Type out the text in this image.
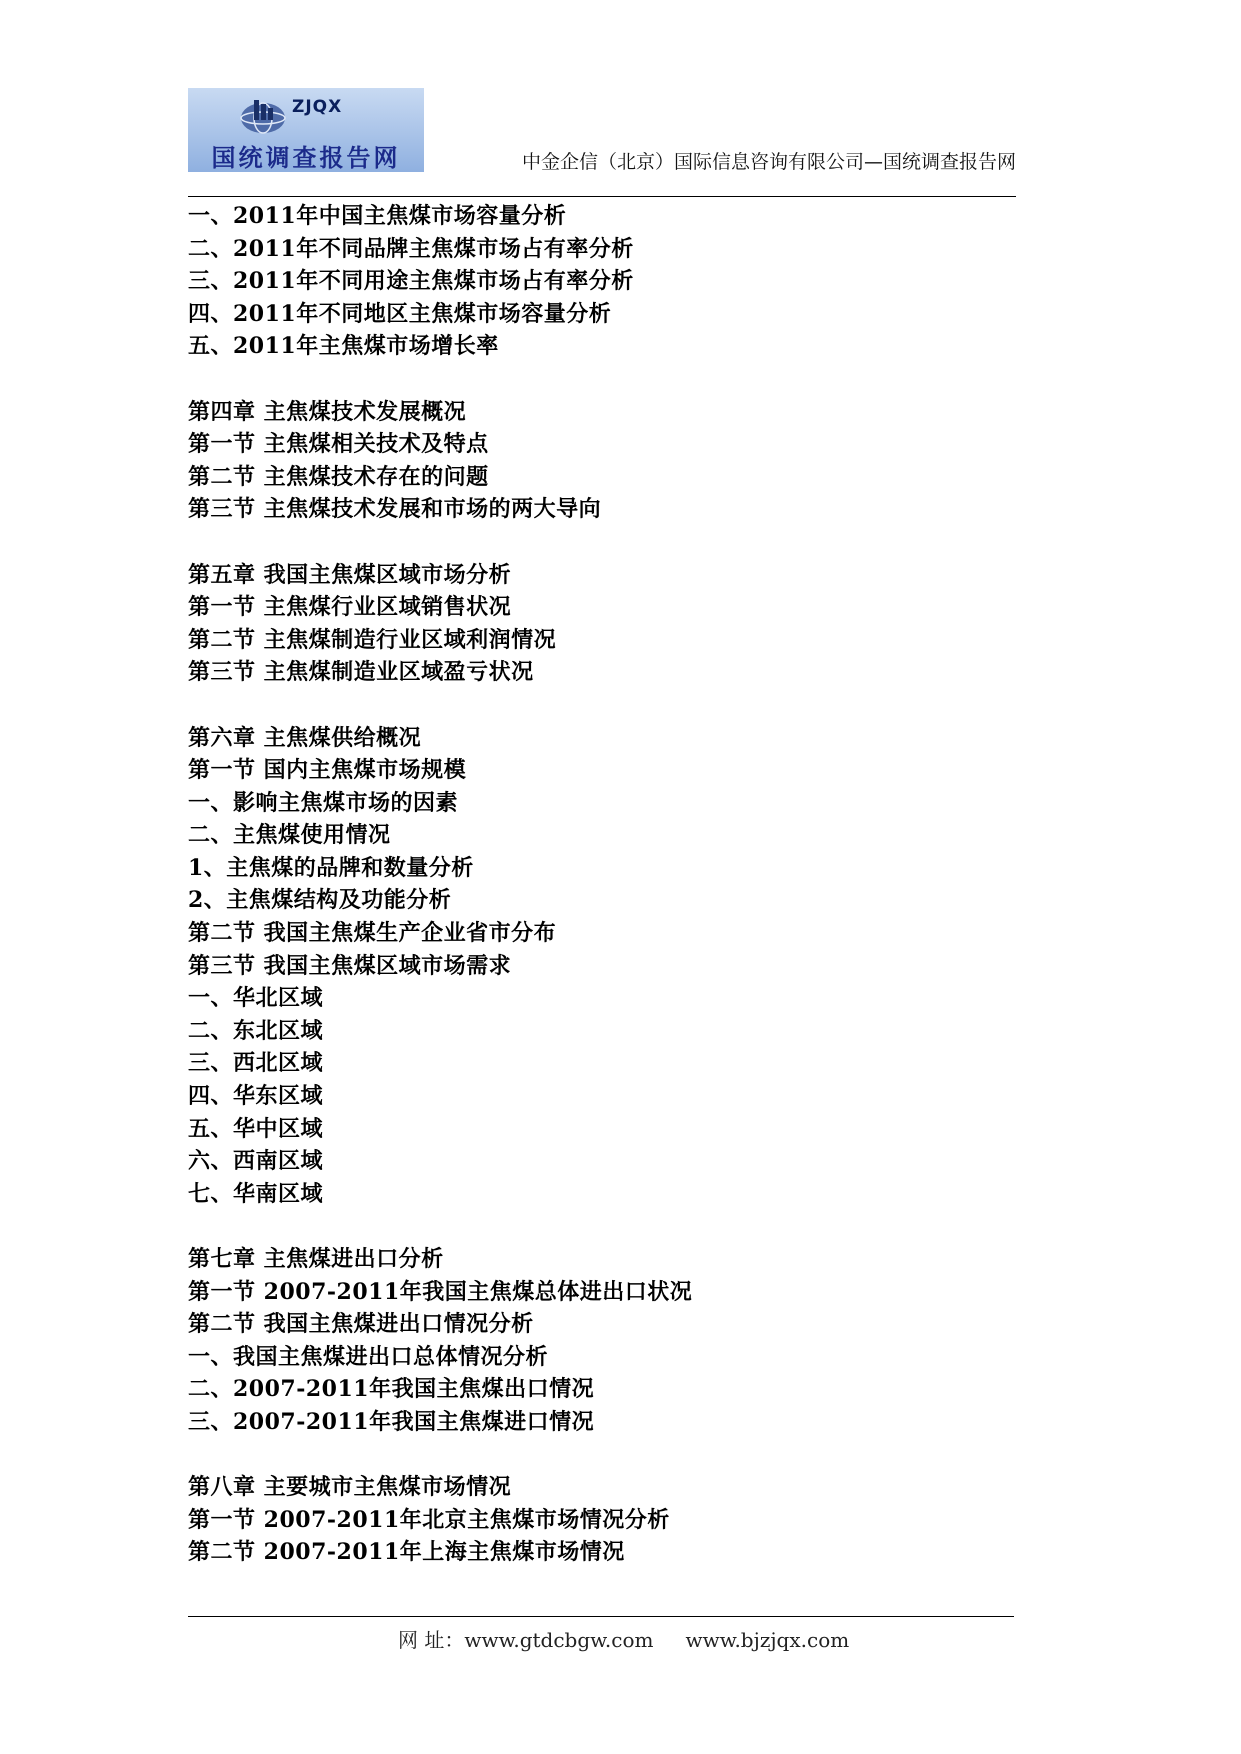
ZJQX
国统调查报告网	中金企信（北京）国际信息咨询有限公司—国统调查报告网
一、2011年中国主焦煤市场容量分析
二、2011年不同品牌主焦煤市场占有率分析
三、2011年不同用途主焦煤市场占有率分析
四、2011年不同地区主焦煤市场容量分析
五、2011年主焦煤市场增长率
第四章 主焦煤技术发展概况
第一节 主焦煤相关技术及特点
第二节 主焦煤技术存在的问题
第三节 主焦煤技术发展和市场的两大导向
第五章 我国主焦煤区域市场分析
第一节 主焦煤行业区域销售状况
第二节 主焦煤制造行业区域利润情况
第三节 主焦煤制造业区域盈亏状况
第六章 主焦煤供给概况
第一节 国内主焦煤市场规模
一、影响主焦煤市场的因素
二、主焦煤使用情况
1、主焦煤的品牌和数量分析
2、主焦煤结构及功能分析
第二节 我国主焦煤生产企业省市分布
第三节 我国主焦煤区域市场需求
一、华北区域
二、东北区域
三、西北区域
四、华东区域
五、华中区域
六、西南区域
七、华南区域
第七章 主焦煤进出口分析
第一节 2007-2011年我国主焦煤总体进出口状况
第二节 我国主焦煤进出口情况分析
一、我国主焦煤进出口总体情况分析
二、2007-2011年我国主焦煤出口情况
三、2007-2011年我国主焦煤进口情况
第八章 主要城市主焦煤市场情况
第一节 2007-2011年北京主焦煤市场情况分析
第二节 2007-2011年上海主焦煤市场情况
网 址：www.gtdcbgw.com www.bjzjqx.com
